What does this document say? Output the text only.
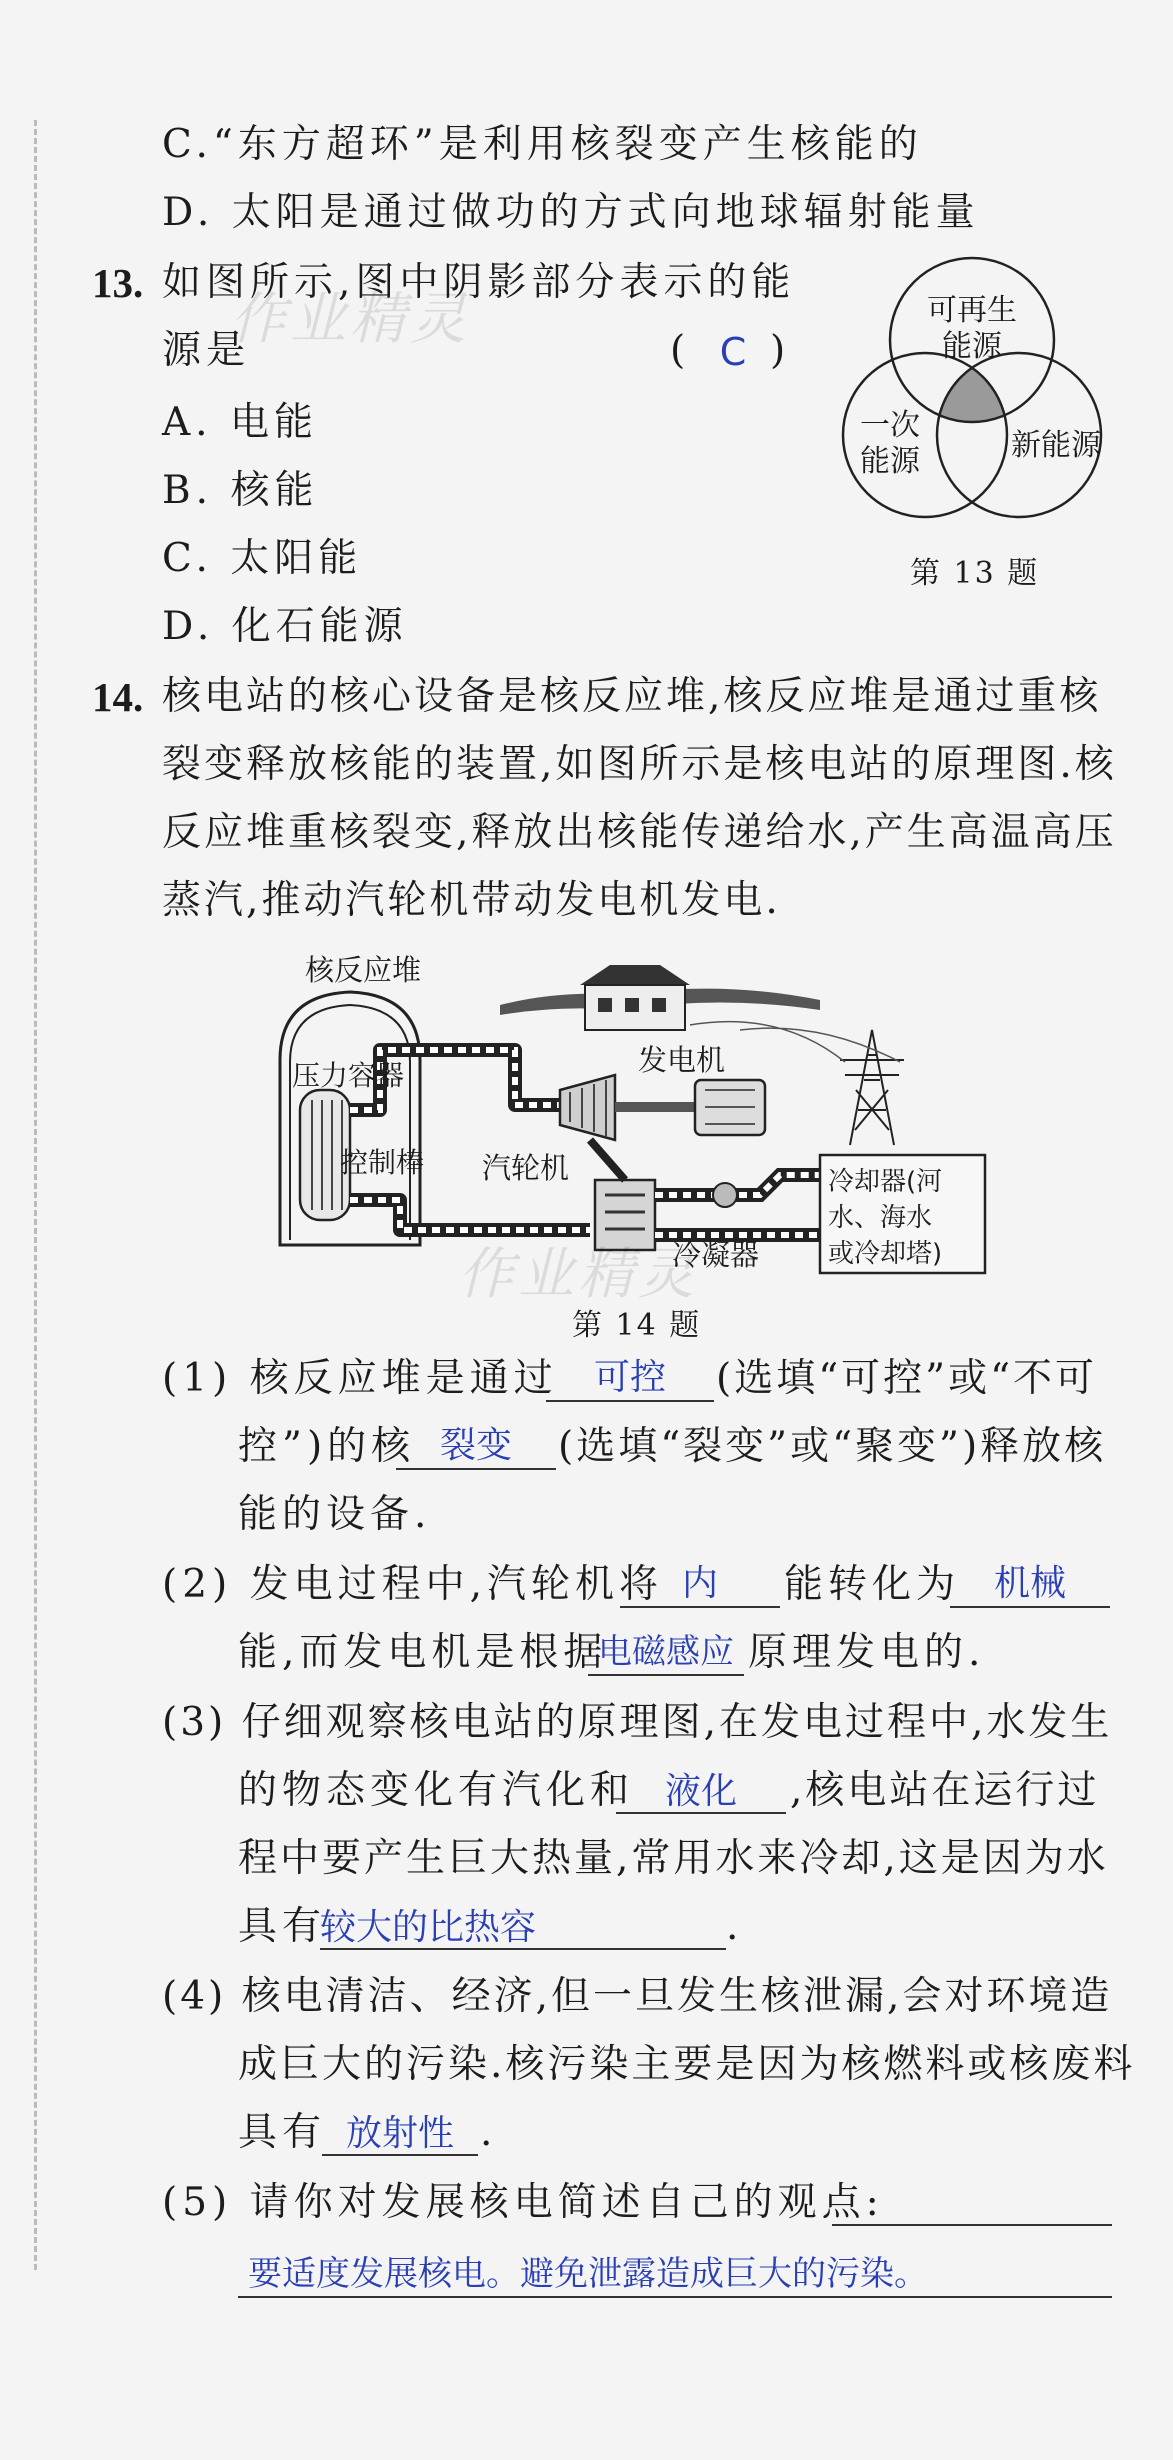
C.“东方超环”是利用核裂变产生核能的
D. 太阳是通过做功的方式向地球辐射能量
13. 如图所示,图中阴影部分表示的能
源是	( C )
A. 电能
B. 核能
C. 太阳能
D. 化石能源
可再生
能源
一次
能源	新能源
第 13 题
14. 核电站的核心设备是核反应堆,核反应堆是通过重核
裂变释放核能的装置,如图所示是核电站的原理图.核
反应堆重核裂变,释放出核能传递给水,产生高温高压
蒸汽,推动汽轮机带动发电机发电.
核反应堆
压力容器
控制棒
发电机
汽轮机
冷凝器
冷却器(河
水、海水
或冷却塔)
第 14 题
(1) 核反应堆是通过	可控	(选填“可控”或“不可
控”)的核 裂变	(选填“裂变”或“聚变”)释放核
能的设备.
(2) 发电过程中,汽轮机将 内	能转化为 机械
能,而发电机是根据
电磁感应 原理发电的.
(3) 仔细观察核电站的原理图,在发电过程中,水发生
的物态变化有汽化和 液化	,核电站在运行过
程中要产生巨大热量,常用水来冷却,这是因为水
具有
较大的比热容	.
(4) 核电清洁、经济,但一旦发生核泄漏,会对环境造
成巨大的污染.核污染主要是因为核燃料或核废料
具有 放射性 .
(5) 请你对发展核电简述自己的观点:
要适度发展核电。避免泄露造成巨大的污染。
作业精灵
作业精灵
